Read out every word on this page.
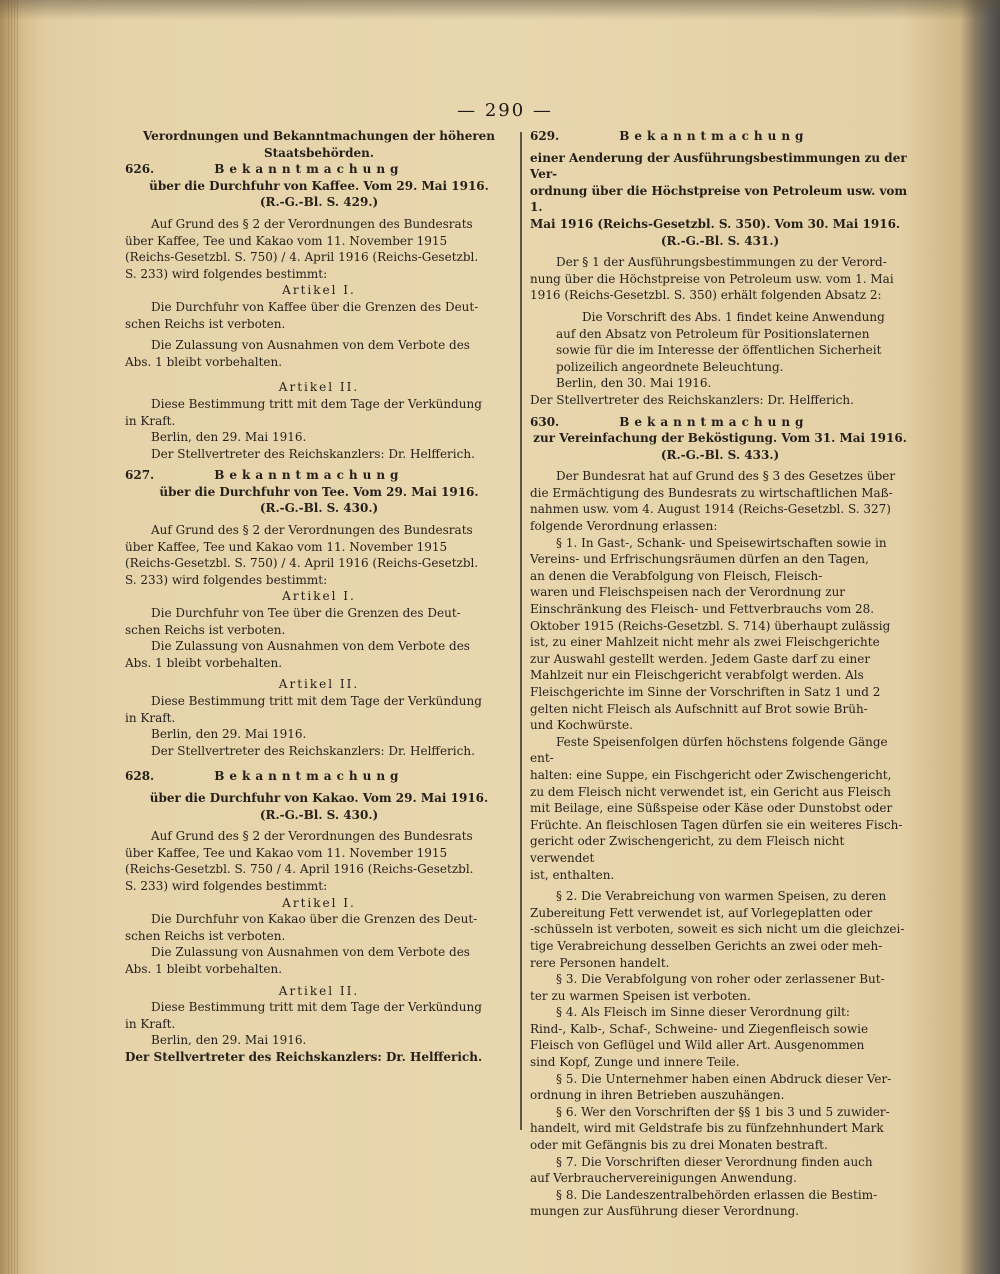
— 290 —

Verordnungen und Bekanntmachungen der höheren

Staatsbehörden.

626.	Bekanntmachung

über die Durchfuhr von Kaffee. Vom 29. Mai 1916.

(R.-G.-Bl. S. 429.)

Auf Grund des § 2 der Verordnungen des Bundesrats

über Kaffee, Tee und Kakao vom 11. November 1915

(Reichs-Gesetzbl. S. 750) / 4. April 1916 (Reichs-Gesetzbl.

S. 233) wird folgendes bestimmt:

Artikel I.

Die Durchfuhr von Kaffee über die Grenzen des Deut-

schen Reichs ist verboten.

Die Zulassung von Ausnahmen von dem Verbote des

Abs. 1 bleibt vorbehalten.

Artikel II.

Diese Bestimmung tritt mit dem Tage der Verkündung

in Kraft.

Berlin, den 29. Mai 1916.

Der Stellvertreter des Reichskanzlers: Dr. Helfferich.

627.	Bekanntmachung

über die Durchfuhr von Tee. Vom 29. Mai 1916.

(R.-G.-Bl. S. 430.)

Auf Grund des § 2 der Verordnungen des Bundesrats

über Kaffee, Tee und Kakao vom 11. November 1915

(Reichs-Gesetzbl. S. 750) / 4. April 1916 (Reichs-Gesetzbl.

S. 233) wird folgendes bestimmt:

Artikel I.

Die Durchfuhr von Tee über die Grenzen des Deut-

schen Reichs ist verboten.

Die Zulassung von Ausnahmen von dem Verbote des

Abs. 1 bleibt vorbehalten.

Artikel II.

Diese Bestimmung tritt mit dem Tage der Verkündung

in Kraft.

Berlin, den 29. Mai 1916.

Der Stellvertreter des Reichskanzlers: Dr. Helfferich.

628.	Bekanntmachung

über die Durchfuhr von Kakao. Vom 29. Mai 1916.

(R.-G.-Bl. S. 430.)

Auf Grund des § 2 der Verordnungen des Bundesrats

über Kaffee, Tee und Kakao vom 11. November 1915

(Reichs-Gesetzbl. S. 750 / 4. April 1916 (Reichs-Gesetzbl.

S. 233) wird folgendes bestimmt:

Artikel I.

Die Durchfuhr von Kakao über die Grenzen des Deut-

schen Reichs ist verboten.

Die Zulassung von Ausnahmen von dem Verbote des

Abs. 1 bleibt vorbehalten.

Artikel II.

Diese Bestimmung tritt mit dem Tage der Verkündung

in Kraft.

Berlin, den 29. Mai 1916.

Der Stellvertreter des Reichskanzlers: Dr. Helfferich.

629.	Bekanntmachung

einer Aenderung der Ausführungsbestimmungen zu der Ver-

ordnung über die Höchstpreise von Petroleum usw. vom 1.

Mai 1916 (Reichs-Gesetzbl. S. 350). Vom 30. Mai 1916.

(R.-G.-Bl. S. 431.)

Der § 1 der Ausführungsbestimmungen zu der Verord-

nung über die Höchstpreise von Petroleum usw. vom 1. Mai

1916 (Reichs-Gesetzbl. S. 350) erhält folgenden Absatz 2:

Die Vorschrift des Abs. 1 findet keine Anwendung

auf den Absatz von Petroleum für Positionslaternen

sowie für die im Interesse der öffentlichen Sicherheit

polizeilich angeordnete Beleuchtung.

Berlin, den 30. Mai 1916.

Der Stellvertreter des Reichskanzlers: Dr. Helfferich.

630.	Bekanntmachung

zur Vereinfachung der Beköstigung. Vom 31. Mai 1916.

(R.-G.-Bl. S. 433.)

Der Bundesrat hat auf Grund des § 3 des Gesetzes über

die Ermächtigung des Bundesrats zu wirtschaftlichen Maß-

nahmen usw. vom 4. August 1914 (Reichs-Gesetzbl. S. 327)

folgende Verordnung erlassen:

§ 1. In Gast-, Schank- und Speisewirtschaften sowie in

Vereins- und Erfrischungsräumen dürfen an den Tagen,

an denen die Verabfolgung von Fleisch, Fleisch-

waren und Fleischspeisen nach der Verordnung zur

Einschränkung des Fleisch- und Fettverbrauchs vom 28.

Oktober 1915 (Reichs-Gesetzbl. S. 714) überhaupt zulässig

ist, zu einer Mahlzeit nicht mehr als zwei Fleischgerichte

zur Auswahl gestellt werden. Jedem Gaste darf zu einer

Mahlzeit nur ein Fleischgericht verabfolgt werden. Als

Fleischgerichte im Sinne der Vorschriften in Satz 1 und 2

gelten nicht Fleisch als Aufschnitt auf Brot sowie Brüh-

und Kochwürste.

Feste Speisenfolgen dürfen höchstens folgende Gänge ent-

halten: eine Suppe, ein Fischgericht oder Zwischengericht,

zu dem Fleisch nicht verwendet ist, ein Gericht aus Fleisch

mit Beilage, eine Süßspeise oder Käse oder Dunstobst oder

Früchte. An fleischlosen Tagen dürfen sie ein weiteres Fisch-

gericht oder Zwischengericht, zu dem Fleisch nicht verwendet

ist, enthalten.

§ 2. Die Verabreichung von warmen Speisen, zu deren

Zubereitung Fett verwendet ist, auf Vorlegeplatten oder

-schüsseln ist verboten, soweit es sich nicht um die gleichzei-

tige Verabreichung desselben Gerichts an zwei oder meh-

rere Personen handelt.

§ 3. Die Verabfolgung von roher oder zerlassener But-

ter zu warmen Speisen ist verboten.

§ 4. Als Fleisch im Sinne dieser Verordnung gilt:

Rind-, Kalb-, Schaf-, Schweine- und Ziegenfleisch sowie

Fleisch von Geflügel und Wild aller Art. Ausgenommen

sind Kopf, Zunge und innere Teile.

§ 5. Die Unternehmer haben einen Abdruck dieser Ver-

ordnung in ihren Betrieben auszuhängen.

§ 6. Wer den Vorschriften der §§ 1 bis 3 und 5 zuwider-

handelt, wird mit Geldstrafe bis zu fünfzehnhundert Mark

oder mit Gefängnis bis zu drei Monaten bestraft.

§ 7. Die Vorschriften dieser Verordnung finden auch

auf Verbrauchervereinigungen Anwendung.

§ 8. Die Landeszentralbehörden erlassen die Bestim-

mungen zur Ausführung dieser Verordnung.
